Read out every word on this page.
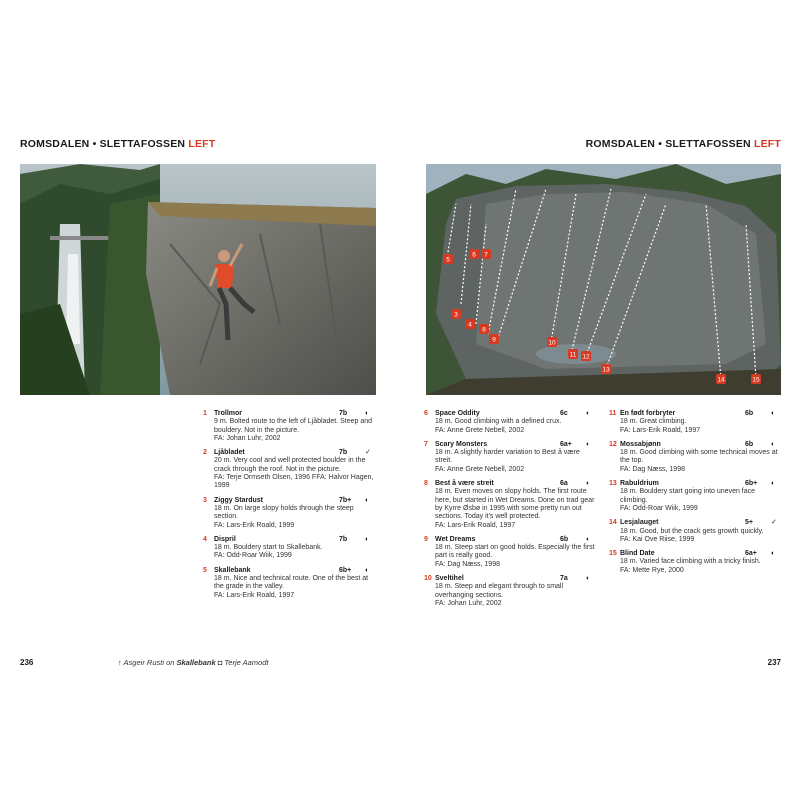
ROMSDALEN • SLETTAFOSSEN LEFT	ROMSDALEN • SLETTAFOSSEN LEFT
5
6 7
3
4
8
9	10
11 12
13
14	15
1	Trollmor	7b	◐
9 m. Bolted route to the left of Ljåbladet. Steep and bouldery. Not in the picture.
FA: Johan Luhr, 2002
2	Ljåbladet	7b	✓
20 m. Very cool and well protected boulder in the crack through the roof. Not in the picture.
FA: Terje Ormseth Olsen, 1996 FFA: Halvor Hagen, 1999
3	Ziggy Stardust	7b+	◐
18 m. On large slopy holds through the steep section.
FA: Lars-Erik Roald, 1999
4	Dispril	7b	◐
18 m. Bouldery start to Skallebank.
FA: Odd-Roar Wiik, 1999
5	Skallebank	6b+	◐
18 m. Nice and technical route. One of the best at the grade in the valley.
FA: Lars-Erik Roald, 1997
6	Space Oddity	6c	◐
18 m. Good climbing with a defined crux.
FA: Anne Grete Nebell, 2002
7	Scary Monsters	6a+	◐
18 m. A slightly harder variation to Best å være streit.
FA: Anne Grete Nebell, 2002
8	Best å være streit	6a	◐
18 m. Even moves on slopy holds. The first route here, but started in Wet Dreams. Done on trad gear by Kyrre Øsbø in 1995 with some pretty run out sections. Today it's well protected.
FA: Lars-Erik Roald, 1997
9	Wet Dreams	6b	◐
18 m. Steep start on good holds. Especially the first part is really good.
FA: Dag Næss, 1998
10 Sveltihel	7a	◐
18 m. Steep and elegant through to small overhanging sections.
FA: Johan Luhr, 2002
11 En født forbryter	6b	◐
18 m. Great climbing.
FA: Lars-Erik Roald, 1997
12 Mossabjønn	6b	◐
18 m. Good climbing with some technical moves at the top.
FA: Dag Næss, 1998
13 Rabuldrium	6b+	◐
18 m. Bouldery start going into uneven face climbing.
FA: Odd-Roar Wiik, 1999
14 Lesjalauget	5+	✓
18 m. Good, but the crack gets growth quickly.
FA: Kai Ove Riise, 1999
15 Blind Date	6a+	◐
18 m. Varied face climbing with a tricky finish.
FA: Mette Rye, 2000
236	↑ Asgeir Rusti on Skallebank ◘ Terje Aamodt	237
